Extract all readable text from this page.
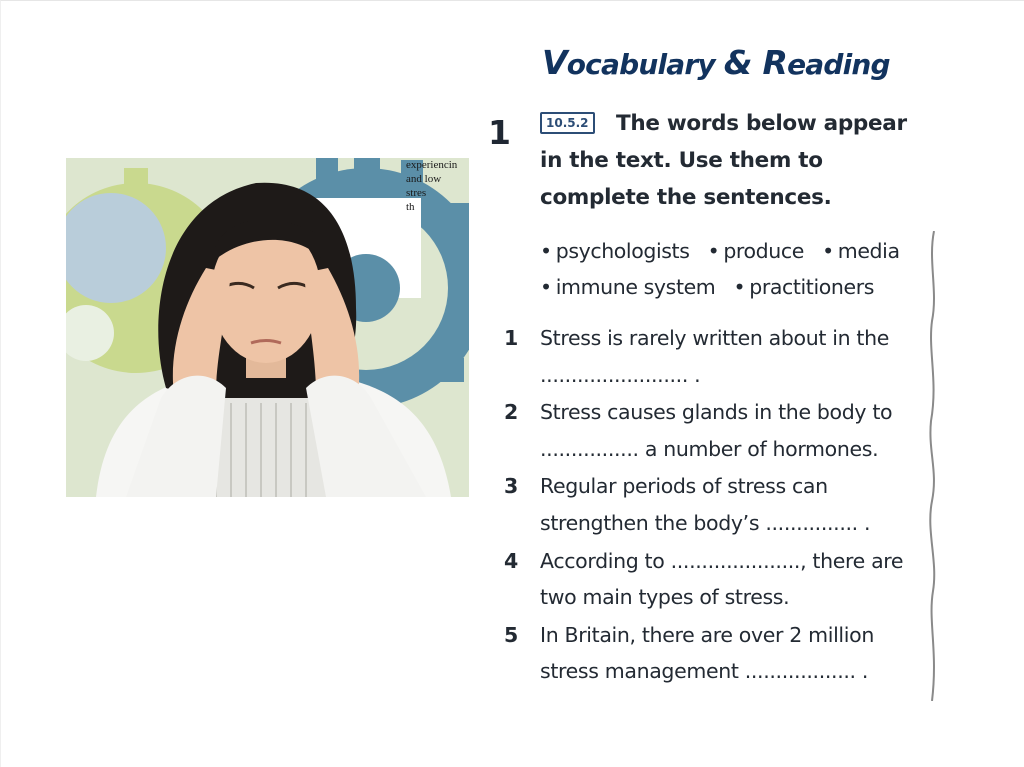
experiencin
and low
stres
th
Vocabulary & Reading
1	10.5.2	The words below appear in the text. Use them to complete the sentences.
• psychologists • produce • media
• immune system • practitioners
1 Stress is rarely written about in the ........................ .
2 Stress causes glands in the body to ................ a number of hormones.
3 Regular periods of stress can strengthen the body’s ............... .
4 According to ....................., there are two main types of stress.
5 In Britain, there are over 2 million stress management .................. .
